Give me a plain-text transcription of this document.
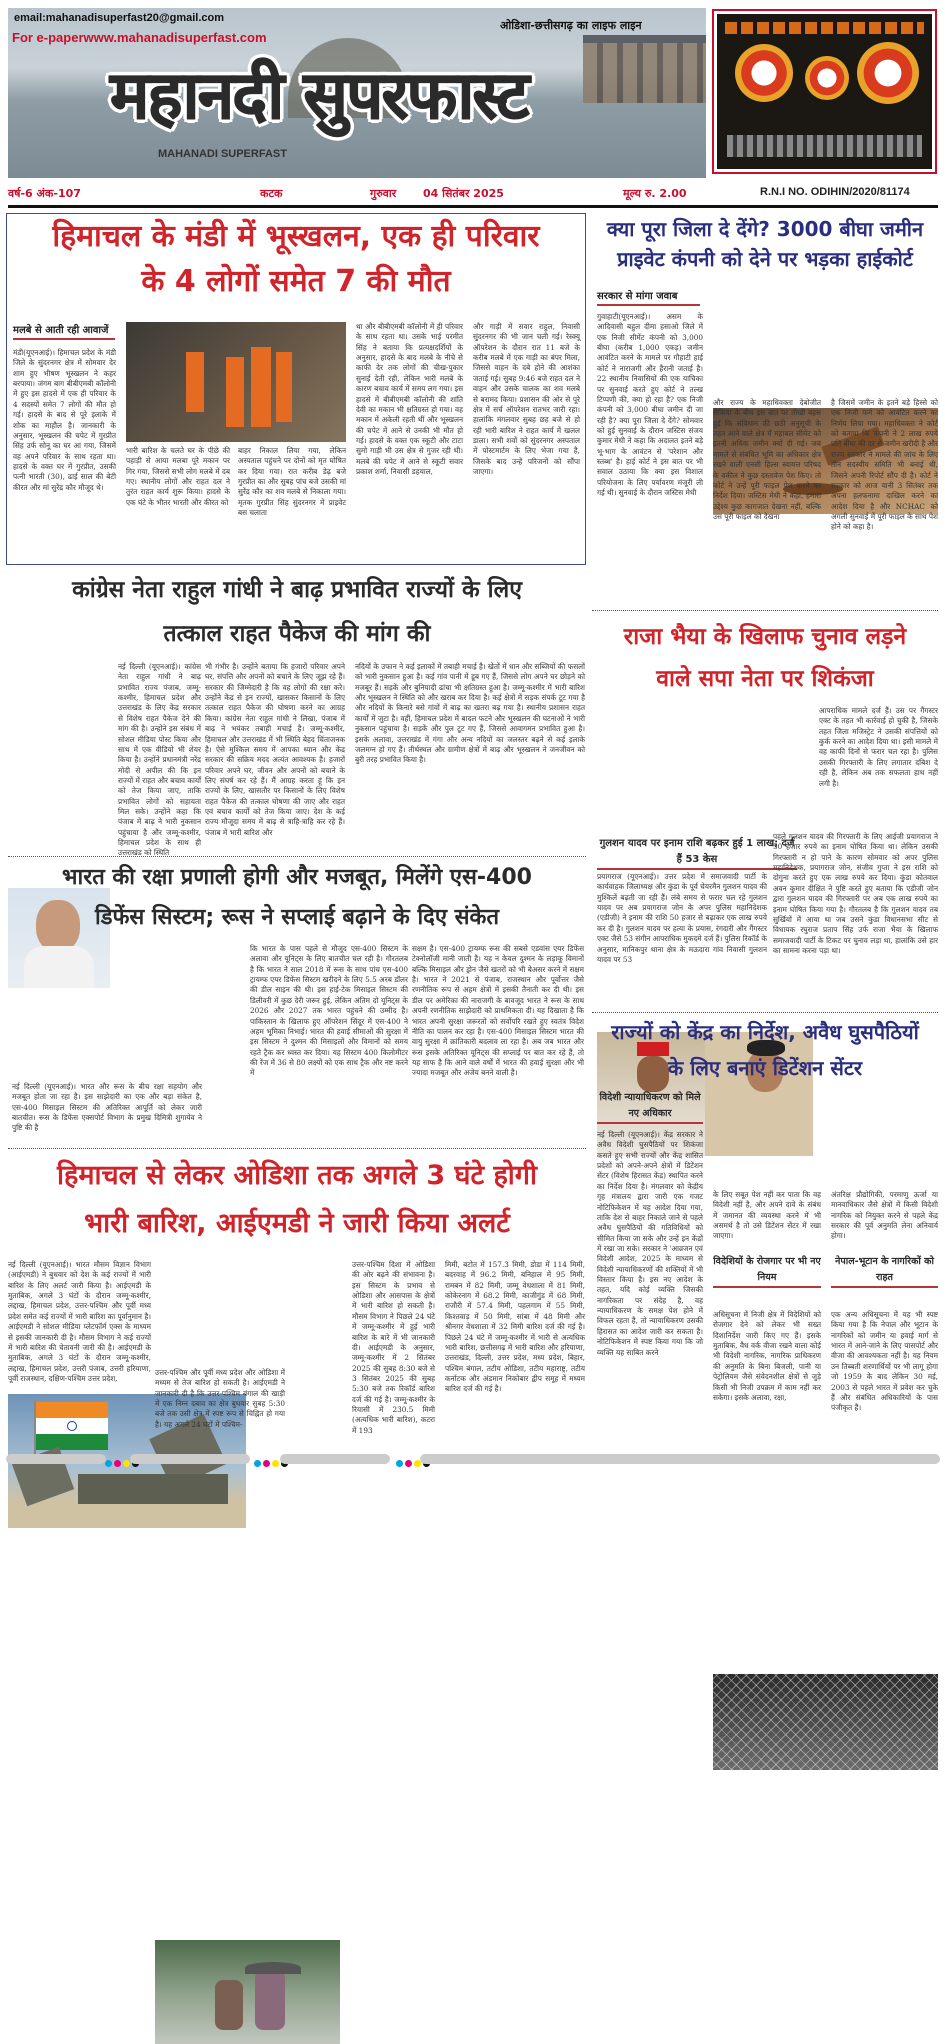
email:mahanadisuperfast20@gmail.com
For e-paperwww.mahanadisuperfast.com
ओडिशा-छत्तीसगढ़ का लाइफ लाइन
महानदी सुपरफास्ट
MAHANADI SUPERFAST
वर्ष-6 अंक-107	कटक	गुरुवार 04 सितंबर 2025	मूल्य रु. 2.00	R.N.I NO. ODIHIN/2020/81174
हिमाचल के मंडी में भूस्खलन, एक ही परिवार
के 4 लोगों समेत 7 की मौत
मलबे से आती रही आवाजें
मंडी(यूएनआई)। हिमाचल प्रदेश के मंडी जिले के सुंदरनगर क्षेत्र में सोमवार देर शाम हुए भीषण भूस्खलन ने कहर बरपाया। जंगम बाग बीबीएमबी कॉलोनी में हुए इस हादसे में एक ही परिवार के 4 सदस्यों समेत 7 लोगों की मौत हो गई। हादसे के बाद से पूरे इलाके में शोक का माहौल है। जानकारी के अनुसार, भूस्खलन की चपेट में गुरप्रीत सिंह उर्फ सोनू का घर आ गया, जिसमें वह अपने परिवार के साथ रहता था। हादसे के वक्त घर में गुरप्रीत, उसकी पत्नी भारती (30), ढाई साल की बेटी कीरत और मां सुरेंद्र कौर मौजूद थे।
भारी बारिश के चलते घर के पीछे की पहाड़ी से आया मलबा पूरे मकान पर गिर गया, जिससे सभी लोग मलबे में दब गए। स्थानीय लोगों और राहत दल ने तुरंत राहत कार्य शुरू किया। हादसे के एक घंटे के भीतर भारती और कीरत को
बाहर निकाल लिया गया, लेकिन अस्पताल पहुंचने पर दोनों को मृत घोषित कर दिया गया। रात करीब डेढ़ बजे गुरप्रीत का और सुबह पांच बजे उसकी मां सुरेंद्र कौर का शव मलबे से निकाला गया। मृतक गुरप्रीत सिंह सुंदरनगर में प्राइवेट बस चलाता
था और बीबीएमबी कॉलोनी में ही परिवार के साथ रहता था। उसके भाई परमीत सिंह ने बताया कि प्रत्यक्षदर्शियों के अनुसार, हादसे के बाद मलबे के नीचे से काफी देर तक लोगों की चीख-पुकार सुनाई देती रही, लेकिन भारी मलबे के कारण बचाव कार्य में समय लग गया। इस हादसे में बीबीएमबी कॉलोनी की शांति देवी का मकान भी क्षतिग्रस्त हो गया। वह मकान में अकेली रहती थीं और भूस्खलन की चपेट में आने से उनकी भी मौत हो गई। हादसे के वक्त एक स्कूटी और टाटा सुमो गाड़ी भी उस क्षेत्र से गुजर रही थी। मलबे की चपेट में आने से स्कूटी सवार प्रकाश शर्मा, निवासी डहयाल,
और गाड़ी में सवार राहुल, निवासी सुंदरनगर की भी जान चली गई। रेस्क्यू ऑपरेशन के दौरान रात 11 बजे के करीब मलबे में एक गाड़ी का बंपर मिला, जिससे वाहन के दबे होने की आशंका जताई गई। सुबह 9:46 बजे राहत दल ने वाहन और उसके चालक का शव मलबे से बरामद किया। प्रशासन की ओर से पूरे क्षेत्र में सर्च ऑपरेशन रातभर जारी रहा। हालांकि मंगलवार सुबह छह बजे से हो रही भारी बारिश ने राहत कार्य में खलल डाला। सभी शवों को सुंदरनगर अस्पताल में पोस्टमार्टम के लिए भेजा गया है, जिसके बाद उन्हें परिजनों को सौंपा जाएगा।
क्या पूरा जिला दे देंगे? 3000 बीघा जमीन
प्राइवेट कंपनी को देने पर भड़का हाईकोर्ट
सरकार से मांगा जवाब
गुवाहाटी(यूएनआई)। असम के आदिवासी बहुल दीमा हसाओ जिले में एक निजी सीमेंट कंपनी को 3,000 बीघा (करीब 1,000 एकड़) जमीन आवंटित करने के मामले पर गौहाटी हाई कोर्ट ने नाराजगी और हैरानी जताई है। 22 स्थानीय निवासियों की एक याचिका पर सुनवाई करते हुए कोर्ट ने तल्ख टिप्पणी की, क्या हो रहा है? एक निजी कंपनी को 3,000 बीघा जमीन दी जा रही है? क्या पूरा जिला दे देंगे? सोमवार को हुई सुनवाई के दौरान जस्टिस संजय कुमार मेधी ने कहा कि अदालत इतने बड़े भू-भाग के आवंटन से 'परेशान और स्तब्ध' है। हाई कोर्ट ने इस बात पर भी सवाल उठाया कि क्या इस विशाल परियोजना के लिए पर्यावरण मंजूरी ली गई थी। सुनवाई के दौरान जस्टिस मेधी
और राज्य के महाधिवक्ता देबोजीत सैकिया के बीच इस बात पर तीखी बहस हुई कि संविधान की छठी अनुसूची के तहत आने वाले क्षेत्र में महाबल सीमेंट को इतनी अधिक जमीन क्यों दी गई। जब मामले से संबंधित भूमि का अधिकार क्षेत्र रखने वाली एनसी हिल्स स्वायत्त परिषद के वकील ने कुछ दस्तावेज पेश किए। तो कोर्ट ने उन्हें पूरी फाइल पेश करने का निर्देश दिया। जस्टिस मेधी ने कहा, हमारा उद्देश्य कुछ कागजात देखना नहीं, बल्कि उस पूरी फाइल को देखना
है जिसमें जमीन के इतने बड़े हिस्से को एक निजी फर्म को आवंटित करने का निर्णय लिया गया। महाधिवक्ता ने कोर्ट को बताया कि कंपनी ने 2 लाख रुपये प्रति बीघा की दर से जमीन खरीदी है और राज्य सरकार ने मामले की जांच के लिए तीन सदस्यीय समिति भी बनाई थी, जिसने अपनी रिपोर्ट सौंप दी है। कोर्ट ने सरकार को आज यानी 3 सितंबर तक अपना हलफनामा दाखिल करने का आदेश दिया है और NCHAC को अगली सुनवाई में पूरी फाइल के साथ पेश होने को कहा है।
कांग्रेस नेता राहुल गांधी ने बाढ़ प्रभावित राज्यों के लिए
तत्काल राहत पैकेज की मांग की
नई दिल्ली (यूएनआई)। कांग्रेस नेता राहुल गांधी ने बाढ़ प्रभावित राज्य पंजाब, जम्मू-कश्मीर, हिमाचल प्रदेश और उत्तराखंड के लिए केंद्र सरकार से विशेष राहत पैकेज देने की मांग की है। उन्होंने इस संबंध में सोशल मीडिया पोस्ट किया और साथ में एक वीडियो भी शेयर किया है। उन्होंने प्रधानमंत्री नरेंद्र मोदी से अपील की कि इन राज्यों में राहत और बचाव कार्यों को तेज किया जाए, ताकि प्रभावित लोगों को सहायता मिल सके। उन्होंने कहा कि पंजाब में बाढ़ ने भारी नुकसान पहुंचाया है और जम्मू-कश्मीर, हिमाचल प्रदेश के साथ ही उत्तराखंड को स्थिति
भी गंभीर है। उन्होंने बताया कि हजारों परिवार अपने घर, संपत्ति और अपनों को बचाने के लिए जूझ रहे हैं। सरकार की जिम्मेदारी है कि वह लोगों की रक्षा करे। उन्होंने केंद्र से इन राज्यों, खासकर किसानों के लिए तत्काल राहत पैकेज की घोषणा करने का आग्रह किया। कांग्रेस नेता राहुल गांधी ने लिखा, पंजाब में बाढ़ ने भयंकर तबाही मचाई है। जम्मू-कश्मीर, हिमाचल और उत्तराखंड में भी स्थिति बेहद चिंताजनक है। ऐसे मुश्किल समय में आपका ध्यान और केंद्र सरकार की सक्रिय मदद अत्यंत आवश्यक है। हजारों परिवार अपने घर, जीवन और अपनों को बचाने के लिए संघर्ष कर रहे हैं। मैं आग्रह करता हूं कि इन राज्यों के लिए, खासतौर पर किसानों के लिए विशेष राहत पैकेज की तत्काल घोषणा की जाए और राहत एवं बचाव कार्यों को तेज किया जाए। देश के कई राज्य मौजूदा समय में बाढ़ से त्राहि-त्राहि कर रहे हैं। पंजाब में भारी बारिश और
नदियों के उफान ने कई इलाकों में तबाही मचाई है। खेतों में धान और सब्जियों की फसलों को भारी नुकसान हुआ है। कई गांव पानी में डूब गए हैं, जिससे लोग अपने घर छोड़ने को मजबूर हैं। सड़कें और बुनियादी ढांचा भी क्षतिग्रस्त हुआ है। जम्मू-कश्मीर में भारी बारिश और भूस्खलन ने स्थिति को और खराब कर दिया है। कई क्षेत्रों में सड़क संपर्क टूट गया है और नदियों के किनारे बसे गांवों में बाढ़ का खतरा बढ़ गया है। स्थानीय प्रशासन राहत कार्यों में जुटा है। वहीं, हिमाचल प्रदेश में बादल फटने और भूस्खलन की घटनाओं ने भारी नुकसान पहुंचाया है। सड़कें और पुल टूट गए हैं, जिससे आवागमन प्रभावित हुआ है। इसके अलावा, उत्तराखंड में गंगा और अन्य नदियों का जलस्तर बढ़ने से कई इलाके जलमग्न हो गए हैं। तीर्थस्थल और ग्रामीण क्षेत्रों में बाढ़ और भूस्खलन ने जनजीवन को बुरी तरह प्रभावित किया है।
राजा भैया के खिलाफ चुनाव लड़ने
वाले सपा नेता पर शिकंजा
गुलशन यादव पर इनाम राशि बढ़कर हुई 1 लाख; दर्ज हैं 53 केस
आपराधिक मामले दर्ज हैं। उस पर गैंगस्टर एक्ट के तहत भी कार्रवाई हो चुकी है, जिसके तहत जिला मजिस्ट्रेट ने उसकी संपत्तियों को कुर्क करने का आदेश दिया था। इसी मामले में वह काफी दिनों से फरार चल रहा है। पुलिस उसकी गिरफ्तारी के लिए लगातार दबिश दे रही है, लेकिन अब तक सफलता हाथ नहीं लगी है।
प्रयागराज (यूएनआई)। उत्तर प्रदेश में समाजवादी पार्टी के कार्यवाहक जिलाध्यक्ष और कुंडा के पूर्व चेयरमैन गुलशन यादव की मुश्किलें बढ़ती जा रही हैं। लंबे समय से फरार चल रहे गुलशन यादव पर अब प्रयागराज जोन के अपर पुलिस महानिदेशक (एडीजी) ने इनाम की राशि 50 हजार से बढ़ाकर एक लाख रुपये कर दी है। गुलशन यादव पर हत्या के प्रयास, रंगदारी और गैंगस्टर एक्ट जैसे 53 संगीन आपराधिक मुकदमे दर्ज हैं। पुलिस रिकॉर्ड के अनुसार, मानिकपुर थाना क्षेत्र के मऊदारा गांव निवासी गुलशन यादव पर 53
पहले गुलशन यादव की गिरफ्तारी के लिए आईजी प्रयागराज ने 50 हजार रुपये का इनाम घोषित किया था। लेकिन उसकी गिरफ्तारी न हो पाने के कारण सोमवार को अपर पुलिस महानिदेशक, प्रयागराज जोन, संजीव गुप्ता ने इस राशि को दोगुना करते हुए एक लाख रुपये कर दिया। कुंडा कोतवाल अवन कुमार दीक्षित ने पुष्टि करते हुए बताया कि एडीजी जोन द्वारा गुलशन यादव की गिरफ्तारी पर अब एक लाख रुपये का इनाम घोषित किया गया है। गौरतलब है कि गुलशन यादव तब सुर्खियों में आया था जब उसने कुंडा विधानसभा सीट से विधायक रघुराज प्रताप सिंह उर्फ राजा भैया के खिलाफ समाजवादी पार्टी के टिकट पर चुनाव लड़ा था, हालांकि उसे हार का सामना करना पड़ा था।
भारत की रक्षा प्रणाली होगी और मजबूत, मिलेंगे एस-400
डिफेंस सिस्टम; रूस ने सप्लाई बढ़ाने के दिए संकेत
नई दिल्ली (यूएनआई)। भारत और रूस के बीच रक्षा सहयोग और मजबूत होता जा रहा है। इस साझेदारी का एक और बड़ा संकेत है, एस-400 मिसाइल सिस्टम की अतिरिक्त आपूर्ति को लेकर जारी बातचीत। रूस के डिफेंस एक्सपोर्ट विभाग के प्रमुख दिमित्री शुगायेव ने पुष्टि की है
कि भारत के पास पहले से मौजूद एस-400 सिस्टम के अलावा और यूनिट्स के लिए बातचीत चल रही है। गौरतलब है कि भारत ने साल 2018 में रूस के साथ पांच एस-400 ट्रायम्फ एयर डिफेंस सिस्टम खरीदने के लिए 5.5 अरब डॉलर की डील साइन की थी। इस हाई-टेक मिसाइल सिस्टम की डिलीवरी में कुछ देरी जरूर हुई, लेकिन अंतिम दो यूनिट्स के 2026 और 2027 तक भारत पहुंचने की उम्मीद है। पाकिस्तान के खिलाफ हुए ऑपरेशन सिंदूर में एस-400 ने अहम भूमिका निभाई। भारत की हवाई सीमाओं की सुरक्षा में इस सिस्टम ने दुश्मन की मिसाइलों और विमानों को समय रहते ट्रैक कर ध्वस्त कर दिया। यह सिस्टम 400 किलोमीटर की रेंज में 36 से 80 लक्ष्यों को एक साथ ट्रैक और नष्ट करने में
सक्षम है। एस-400 ट्रायम्फ रूस की सबसे एडवांस एयर डिफेंस टेक्नोलॉजी मानी जाती है। यह न केवल दुश्मन के लड़ाकू विमानों बल्कि मिसाइल और ड्रोन जैसे खतरों को भी बेअसर करने में सक्षम है। भारत ने 2021 से पंजाब, राजस्थान और पूर्वोत्तर जैसे रणनीतिक रूप से अहम क्षेत्रों में इसकी तैनाती कर दी थी। इस डील पर अमेरिका की नाराजगी के बावजूद भारत ने रूस के साथ अपनी रणनीतिक साझेदारी को प्राथमिकता दी। यह दिखाता है कि भारत अपनी सुरक्षा जरूरतों को सर्वोपरि रखते हुए स्वतंत्र विदेश नीति का पालन कर रहा है। एस-400 मिसाइल सिस्टम भारत की वायु सुरक्षा में क्रांतिकारी बदलाव ला रहा है। अब जब भारत और रूस इसके अतिरिक्त यूनिट्स की सप्लाई पर बात कर रहे हैं, तो यह साफ है कि आने वाले वर्षों में भारत की हवाई सुरक्षा और भी ज्यादा मजबूत और अजेय बनने वाली है।
राज्यों को केंद्र का निर्देश, अवैध घुसपैठियों
के लिए बनाएं डिटेंशन सेंटर
विदेशी न्यायाधिकरण को मिले नए अधिकार
नई दिल्ली (यूएनआई)। केंद्र सरकार ने अवैध विदेशी घुसपैठियों पर शिकंजा कसते हुए सभी राज्यों और केंद्र शासित प्रदेशों को अपने-अपने क्षेत्रों में डिटेंशन सेंटर (विशेष हिरासत केंद्र) स्थापित करने का निर्देश दिया है। मंगलवार को केंद्रीय गृह मंत्रालय द्वारा जारी एक गजट नोटिफिकेशन में यह आदेश दिया गया, ताकि देश से बाहर निकाले जाने से पहले अवैध घुसपैठियों की गतिविधियों को सीमित किया जा सके और उन्हें इन केंद्रों में रखा जा सके। सरकार ने 'आव्रजन एवं विदेशी आदेश, 2025 के माध्यम से विदेशी न्यायाधिकरणों की शक्तियों में भी विस्तार किया है। इस नए आदेश के तहत, यदि कोई व्यक्ति जिसकी नागरिकता पर संदेह है, वह न्यायाधिकरण के समक्ष पेश होने में विफल रहता है, तो न्यायाधिकरण उसकी हिरासत का आदेश जारी कर सकता है। नोटिफिकेशन में स्पष्ट किया गया कि जो व्यक्ति यह साबित करने
के लिए सबूत पेश नहीं कर पाता कि वह विदेशी नहीं है, और अपने दावे के संबंध में जमानत की व्यवस्था करने में भी असमर्थ है तो उसे डिटेंशन सेंटर में रखा जाएगा।
विदेशियों के रोजगार पर भी नए नियम
अधिसूचना में निजी क्षेत्र में विदेशियों को रोजगार देने को लेकर भी सख्त दिशानिर्देश जारी किए गए हैं। इसके मुताबिक, वैध वर्क वीजा रखने वाला कोई भी विदेशी नागरिक, नागरिक प्राधिकरण की अनुमति के बिना बिजली, पानी या पेट्रोलियम जैसे संवेदनशील क्षेत्रों से जुड़े किसी भी निजी उपक्रम में काम नहीं कर सकेगा। इसके अलावा, रक्षा,
अंतरिक्ष प्रौद्योगिकी, परमाणु ऊर्जा या मानवाधिकार जैसे क्षेत्रों में किसी विदेशी नागरिक को नियुक्त करने से पहले केंद्र सरकार की पूर्व अनुमति लेना अनिवार्य होगा।
नेपाल-भूटान के नागरिकों को राहत
एक अन्य अधिसूचना में यह भी स्पष्ट किया गया है कि नेपाल और भूटान के नागरिकों को जमीन या हवाई मार्ग से भारत में आने-जाने के लिए पासपोर्ट और वीजा की आवश्यकता नहीं है। यह नियम उन तिब्बती शरणार्थियों पर भी लागू होगा जो 1959 के बाद लेकिन 30 मई, 2003 से पहले भारत में प्रवेश कर चुके हैं और संबंधित अधिकारियों के पास पंजीकृत हैं।
हिमाचल से लेकर ओडिशा तक अगले 3 घंटे होगी
भारी बारिश, आईएमडी ने जारी किया अलर्ट
नई दिल्ली (यूएनआई)। भारत मौसम विज्ञान विभाग (आईएमडी) ने बुधवार को देश के कई राज्यों में भारी बारिश के लिए अलर्ट जारी किया है। आईएमडी के मुताबिक, अगले 3 घंटों के दौरान जम्मू-कश्मीर, लद्दाख, हिमाचल प्रदेश, उत्तर-पश्चिम और पूर्वी मध्य प्रदेश समेत कई राज्यों में भारी बारिश का पूर्वानुमान है। आईएमडी ने सोशल मीडिया प्लेटफॉर्म एक्स के माध्यम से इसकी जानकारी दी है। मौसम विभाग ने कई राज्यों में भारी बारिश की चेतावनी जारी की है। आईएमडी के मुताबिक, अगले 3 घंटों के दौरान जम्मू-कश्मीर, लद्दाख, हिमाचल प्रदेश, उत्तरी पंजाब, उत्तरी हरियाणा, पूर्वी राजस्थान, दक्षिण-पश्चिम उत्तर प्रदेश,
उत्तर-पश्चिम और पूर्वी मध्य प्रदेश और ओडिशा में मध्यम से तेज बारिश हो सकती है। आईएमडी ने जानकारी दी है कि उत्तर-पश्चिम बंगाल की खाड़ी में एक निम्न दबाव का क्षेत्र बुधवार सुबह 5:30 बजे तक उसी क्षेत्र में स्पष्ट रूप से चिह्नित हो गया है। यह अगले 24 घंटों में पश्चिम-
उत्तर-पश्चिम दिशा में ओडिशा की ओर बढ़ने की संभावना है। इस सिस्टम के प्रभाव से ओडिशा और आसपास के क्षेत्रों में भारी बारिश हो सकती है। मौसम विभाग ने पिछले 24 घंटे में जम्मू-कश्मीर में हुई भारी बारिश के बारे में भी जानकारी दी। आईएमडी के अनुसार, जम्मू-कश्मीर में 2 सितंबर 2025 की सुबह 8:30 बजे से 3 सितंबर 2025 की सुबह 5:30 बजे तक रिकॉर्ड बारिश दर्ज की गई है। जम्मू-कश्मीर के रियासी में 230.5 मिमी (अत्यधिक भारी बारिश), कटरा में 193
मिमी, बटोत में 157.3 मिमी, डोडा में 114 मिमी, बदरवाह में 96.2 मिमी, बनिहाल में 95 मिमी, रामबन में 82 मिमी, जम्मू वेधशाला में 81 मिमी, कोकेरनाग में 68.2 मिमी, काजीगुंड में 68 मिमी, राजौरी में 57.4 मिमी, पहलगाम में 55 मिमी, किश्तवाड़ में 50 मिमी, सांबा में 48 मिमी और श्रीनगर वेधशाला में 32 मिमी बारिश दर्ज की गई है। पिछले 24 घंटे में जम्मू-कश्मीर में भारी से अत्यधिक भारी बारिश, छत्तीसगढ़ में भारी बारिश और हरियाणा, उत्तराखंड, दिल्ली, उत्तर प्रदेश, मध्य प्रदेश, बिहार, पश्चिम बंगाल, तटीय ओडिशा, तटीय महाराष्ट्र, तटीय कर्नाटक और अंडमान निकोबार द्वीप समूह में मध्यम बारिश दर्ज की गई है।
